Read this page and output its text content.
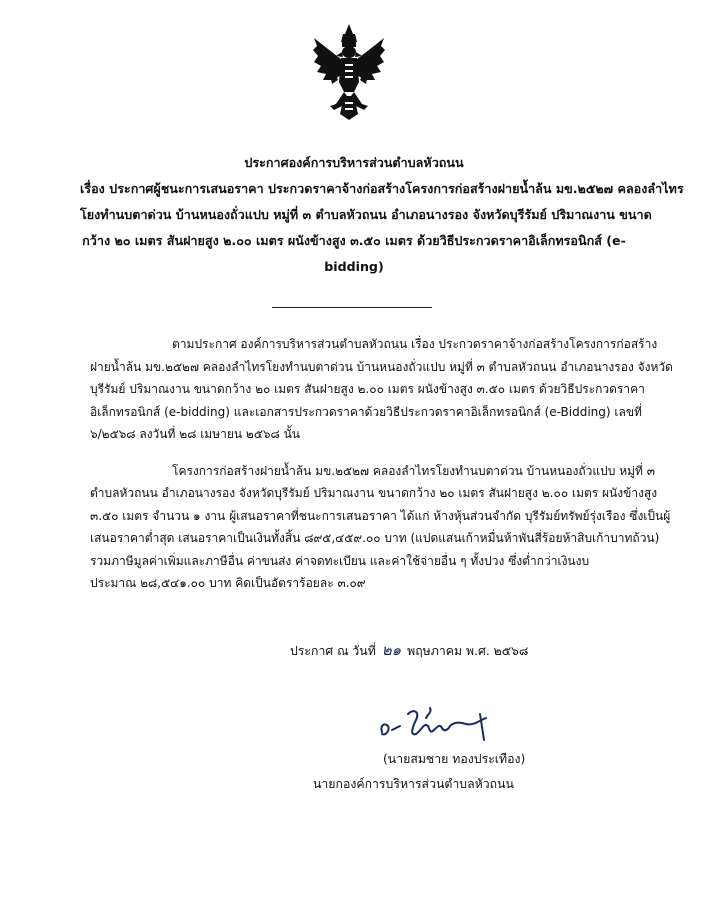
ประกาศองค์การบริหารส่วนตำบลหัวถนน
เรื่อง ประกาศผู้ชนะการเสนอราคา ประกวดราคาจ้างก่อสร้างโครงการก่อสร้างฝายน้ำล้น มข.๒๕๒๗ คลองลำไทร
โยงทำนบตาด่วน บ้านหนองถั่วแปบ หมู่ที่ ๓ ตำบลหัวถนน อำเภอนางรอง จังหวัดบุรีรัมย์ ปริมาณงาน ขนาด
กว้าง ๒๐ เมตร สันฝายสูง ๒.๐๐ เมตร ผนังข้างสูง ๓.๕๐ เมตร ด้วยวิธีประกวดราคาอิเล็กทรอนิกส์ (e-
bidding)
ตามประกาศ องค์การบริหารส่วนตำบลหัวถนน เรื่อง ประกวดราคาจ้างก่อสร้างโครงการก่อสร้าง
ฝายน้ำล้น มข.๒๕๒๗ คลองลำไทรโยงทำนบตาด่วน บ้านหนองถั่วแปบ หมู่ที่ ๓ ตำบลหัวถนน อำเภอนางรอง จังหวัด
บุรีรัมย์ ปริมาณงาน ขนาดกว้าง ๒๐ เมตร สันฝายสูง ๒.๐๐ เมตร ผนังข้างสูง ๓.๕๐ เมตร ด้วยวิธีประกวดราคา
อิเล็กทรอนิกส์ (e-bidding) และเอกสารประกวดราคาด้วยวิธีประกวดราคาอิเล็กทรอนิกส์ (e-Bidding) เลขที่
๖/๒๕๖๘ ลงวันที่ ๒๘ เมษายน ๒๕๖๘ นั้น
โครงการก่อสร้างฝายน้ำล้น มข.๒๕๒๗ คลองลำไทรโยงทำนบตาด่วน บ้านหนองถั่วแปบ หมู่ที่ ๓
ตำบลหัวถนน อำเภอนางรอง จังหวัดบุรีรัมย์ ปริมาณงาน ขนาดกว้าง ๒๐ เมตร สันฝายสูง ๒.๐๐ เมตร ผนังข้างสูง
๓.๕๐ เมตร จำนวน ๑ งาน ผู้เสนอราคาที่ชนะการเสนอราคา ได้แก่ ห้างหุ้นส่วนจำกัด บุรีรัมย์ทรัพย์รุ่งเรือง ซึ่งเป็นผู้
เสนอราคาต่ำสุด เสนอราคาเป็นเงินทั้งสิ้น ๘๙๕,๔๕๙.๐๐ บาท (แปดแสนเก้าหมื่นห้าพันสี่ร้อยห้าสิบเก้าบาทถ้วน)
รวมภาษีมูลค่าเพิ่มและภาษีอื่น ค่าขนส่ง ค่าจดทะเบียน และค่าใช้จ่ายอื่น ๆ ทั้งปวง ซึ่งต่ำกว่าเงินงบ
ประมาณ ๒๘,๕๔๑.๐๐ บาท คิดเป็นอัตราร้อยละ ๓.๐๙
ประกาศ ณ วันที่ ๒๑ พฤษภาคม พ.ศ. ๒๕๖๘
(นายสมชาย ทองประเทือง)
นายกองค์การบริหารส่วนตำบลหัวถนน
